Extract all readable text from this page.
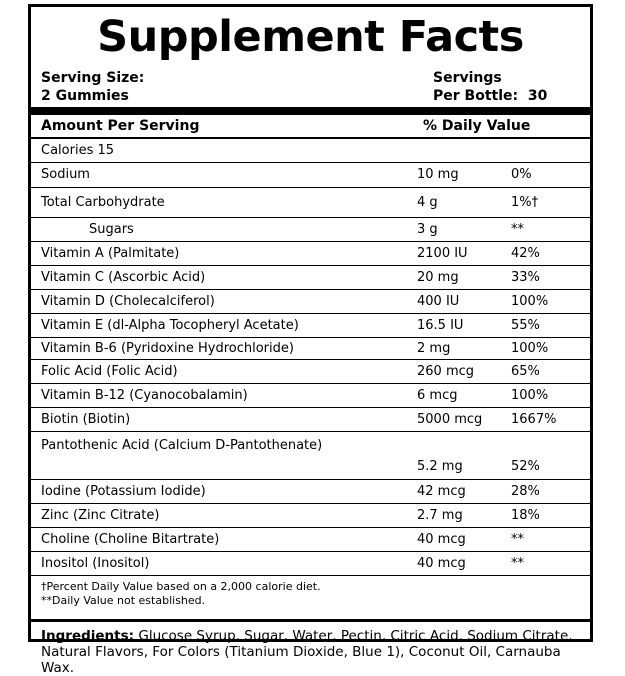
Supplement Facts
Serving Size:
2 Gummies
Servings
Per Bottle: 30
Amount Per Serving	% Daily Value
Calories 15
Sodium	10 mg	0%
Total Carbohydrate	4 g	1%†
Sugars	3 g	**
Vitamin A (Palmitate)	2100 IU	42%
Vitamin C (Ascorbic Acid)	20 mg	33%
Vitamin D (Cholecalciferol)	400 IU	100%
Vitamin E (dl-Alpha Tocopheryl Acetate)	16.5 IU	55%
Vitamin B-6 (Pyridoxine Hydrochloride)	2 mg	100%
Folic Acid (Folic Acid)	260 mcg	65%
Vitamin B-12 (Cyanocobalamin)	6 mcg	100%
Biotin (Biotin)	5000 mcg 1667%
Pantothenic Acid (Calcium D-Pantothenate)
5.2 mg	52%
Iodine (Potassium Iodide)	42 mcg	28%
Zinc (Zinc Citrate)	2.7 mg	18%
Choline (Choline Bitartrate)	40 mcg	**
Inositol (Inositol)	40 mcg	**
†Percent Daily Value based on a 2,000 calorie diet.
**Daily Value not established.
Ingredients: Glucose Syrup, Sugar, Water, Pectin, Citric Acid, Sodium Citrate, Natural Flavors, For Colors (Titanium Dioxide, Blue 1), Coconut Oil, Carnauba Wax.
